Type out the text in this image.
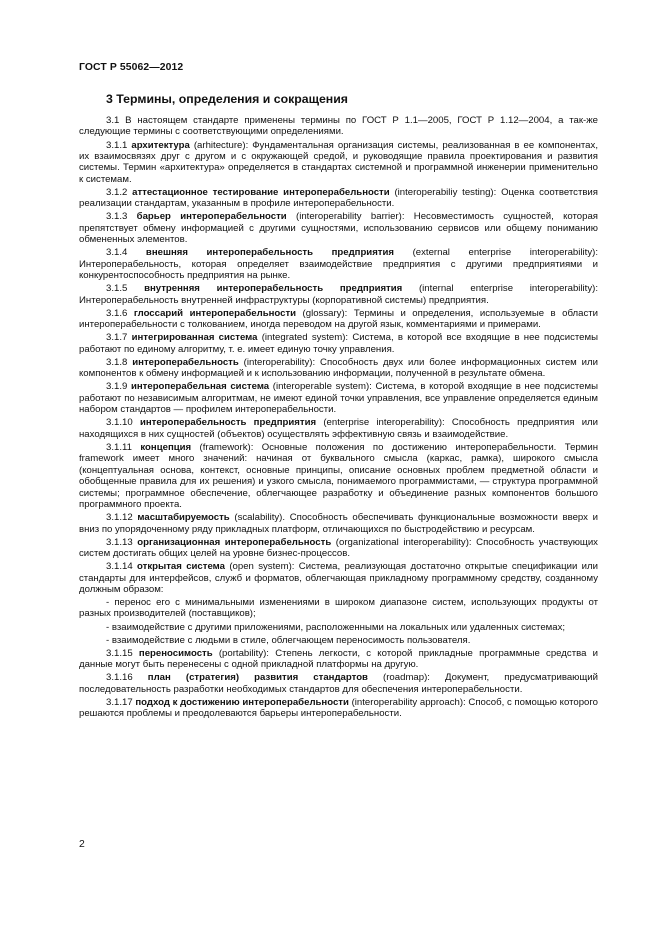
ГОСТ Р 55062—2012
3 Термины, определения и сокращения

3.1 В настоящем стандарте применены термины по ГОСТ Р 1.1—2005, ГОСТ Р 1.12—2004, а так-же следующие термины с соответствующими определениями.

3.1.1 архитектура (arhitecture): Фундаментальная организация системы, реализованная в ее компонентах, их взаимосвязях друг с другом и с окружающей средой, и руководящие правила проектирования и развития системы. Термин «архитектура» определяется в стандартах системной и программной инженерии применительно к системам.

3.1.2 аттестационное тестирование интероперабельности (interoperabiliy testing): Оценка соответствия реализации стандартам, указанным в профиле интероперабельности.

3.1.3 барьер интероперабельности (interoperability barrier): Несовместимость сущностей, которая препятствует обмену информацией с другими сущностями, использованию сервисов или общему пониманию обмененных элементов.

3.1.4 внешняя интероперабельность предприятия (external enterprise interoperability): Интероперабельность, которая определяет взаимодействие предприятия с другими предприятиями и конкурентоспособность предприятия на рынке.

3.1.5 внутренняя интероперабельность предприятия (internal enterprise interoperability): Интероперабельность внутренней инфраструктуры (корпоративной системы) предприятия.

3.1.6 глоссарий интероперабельности (glossary): Термины и определения, используемые в области интероперабельности с толкованием, иногда переводом на другой язык, комментариями и примерами.

3.1.7 интегрированная система (integrated system): Система, в которой все входящие в нее подсистемы работают по единому алгоритму, т. е. имеет единую точку управления.

3.1.8 интероперабельность (interoperability): Способность двух или более информационных систем или компонентов к обмену информацией и к использованию информации, полученной в результате обмена.

3.1.9 интероперабельная система (interoperable system): Система, в которой входящие в нее подсистемы работают по независимым алгоритмам, не имеют единой точки управления, все управление определяется единым набором стандартов — профилем интероперабельности.

3.1.10 интероперабельность предприятия (enterprise interoperability): Способность предприятия или находящихся в них сущностей (объектов) осуществлять эффективную связь и взаимодействие.

3.1.11 концепция (framework): Основные положения по достижению интероперабельности. Термин framework имеет много значений: начиная от буквального смысла (каркас, рамка), широкого смысла (концептуальная основа, контекст, основные принципы, описание основных проблем предметной области и обобщенные правила для их решения) и узкого смысла, понимаемого программистами, — структура программной системы; программное обеспечение, облегчающее разработку и объединение разных компонентов большого программного проекта.

3.1.12 масштабируемость (scalability). Способность обеспечивать функциональные возможности вверх и вниз по упорядоченному ряду прикладных платформ, отличающихся по быстродействию и ресурсам.

3.1.13 организационная интероперабельность (organizational interoperability): Способность участвующих систем достигать общих целей на уровне бизнес-процессов.

3.1.14 открытая система (open system): Система, реализующая достаточно открытые спецификации или стандарты для интерфейсов, служб и форматов, облегчающая прикладному программному средству, созданному должным образом:

- перенос его с минимальными изменениями в широком диапазоне систем, использующих продукты от разных производителей (поставщиков);

- взаимодействие с другими приложениями, расположенными на локальных или удаленных системах;

- взаимодействие с людьми в стиле, облегчающем переносимость пользователя.

3.1.15 переносимость (portability): Степень легкости, с которой прикладные программные средства и данные могут быть перенесены с одной прикладной платформы на другую.

3.1.16 план (стратегия) развития стандартов (roadmap): Документ, предусматривающий последовательность разработки необходимых стандартов для обеспечения интероперабельности.

3.1.17 подход к достижению интероперабельности (interoperability approach): Способ, с помощью которого решаются проблемы и преодолеваются барьеры интероперабельности.

2
